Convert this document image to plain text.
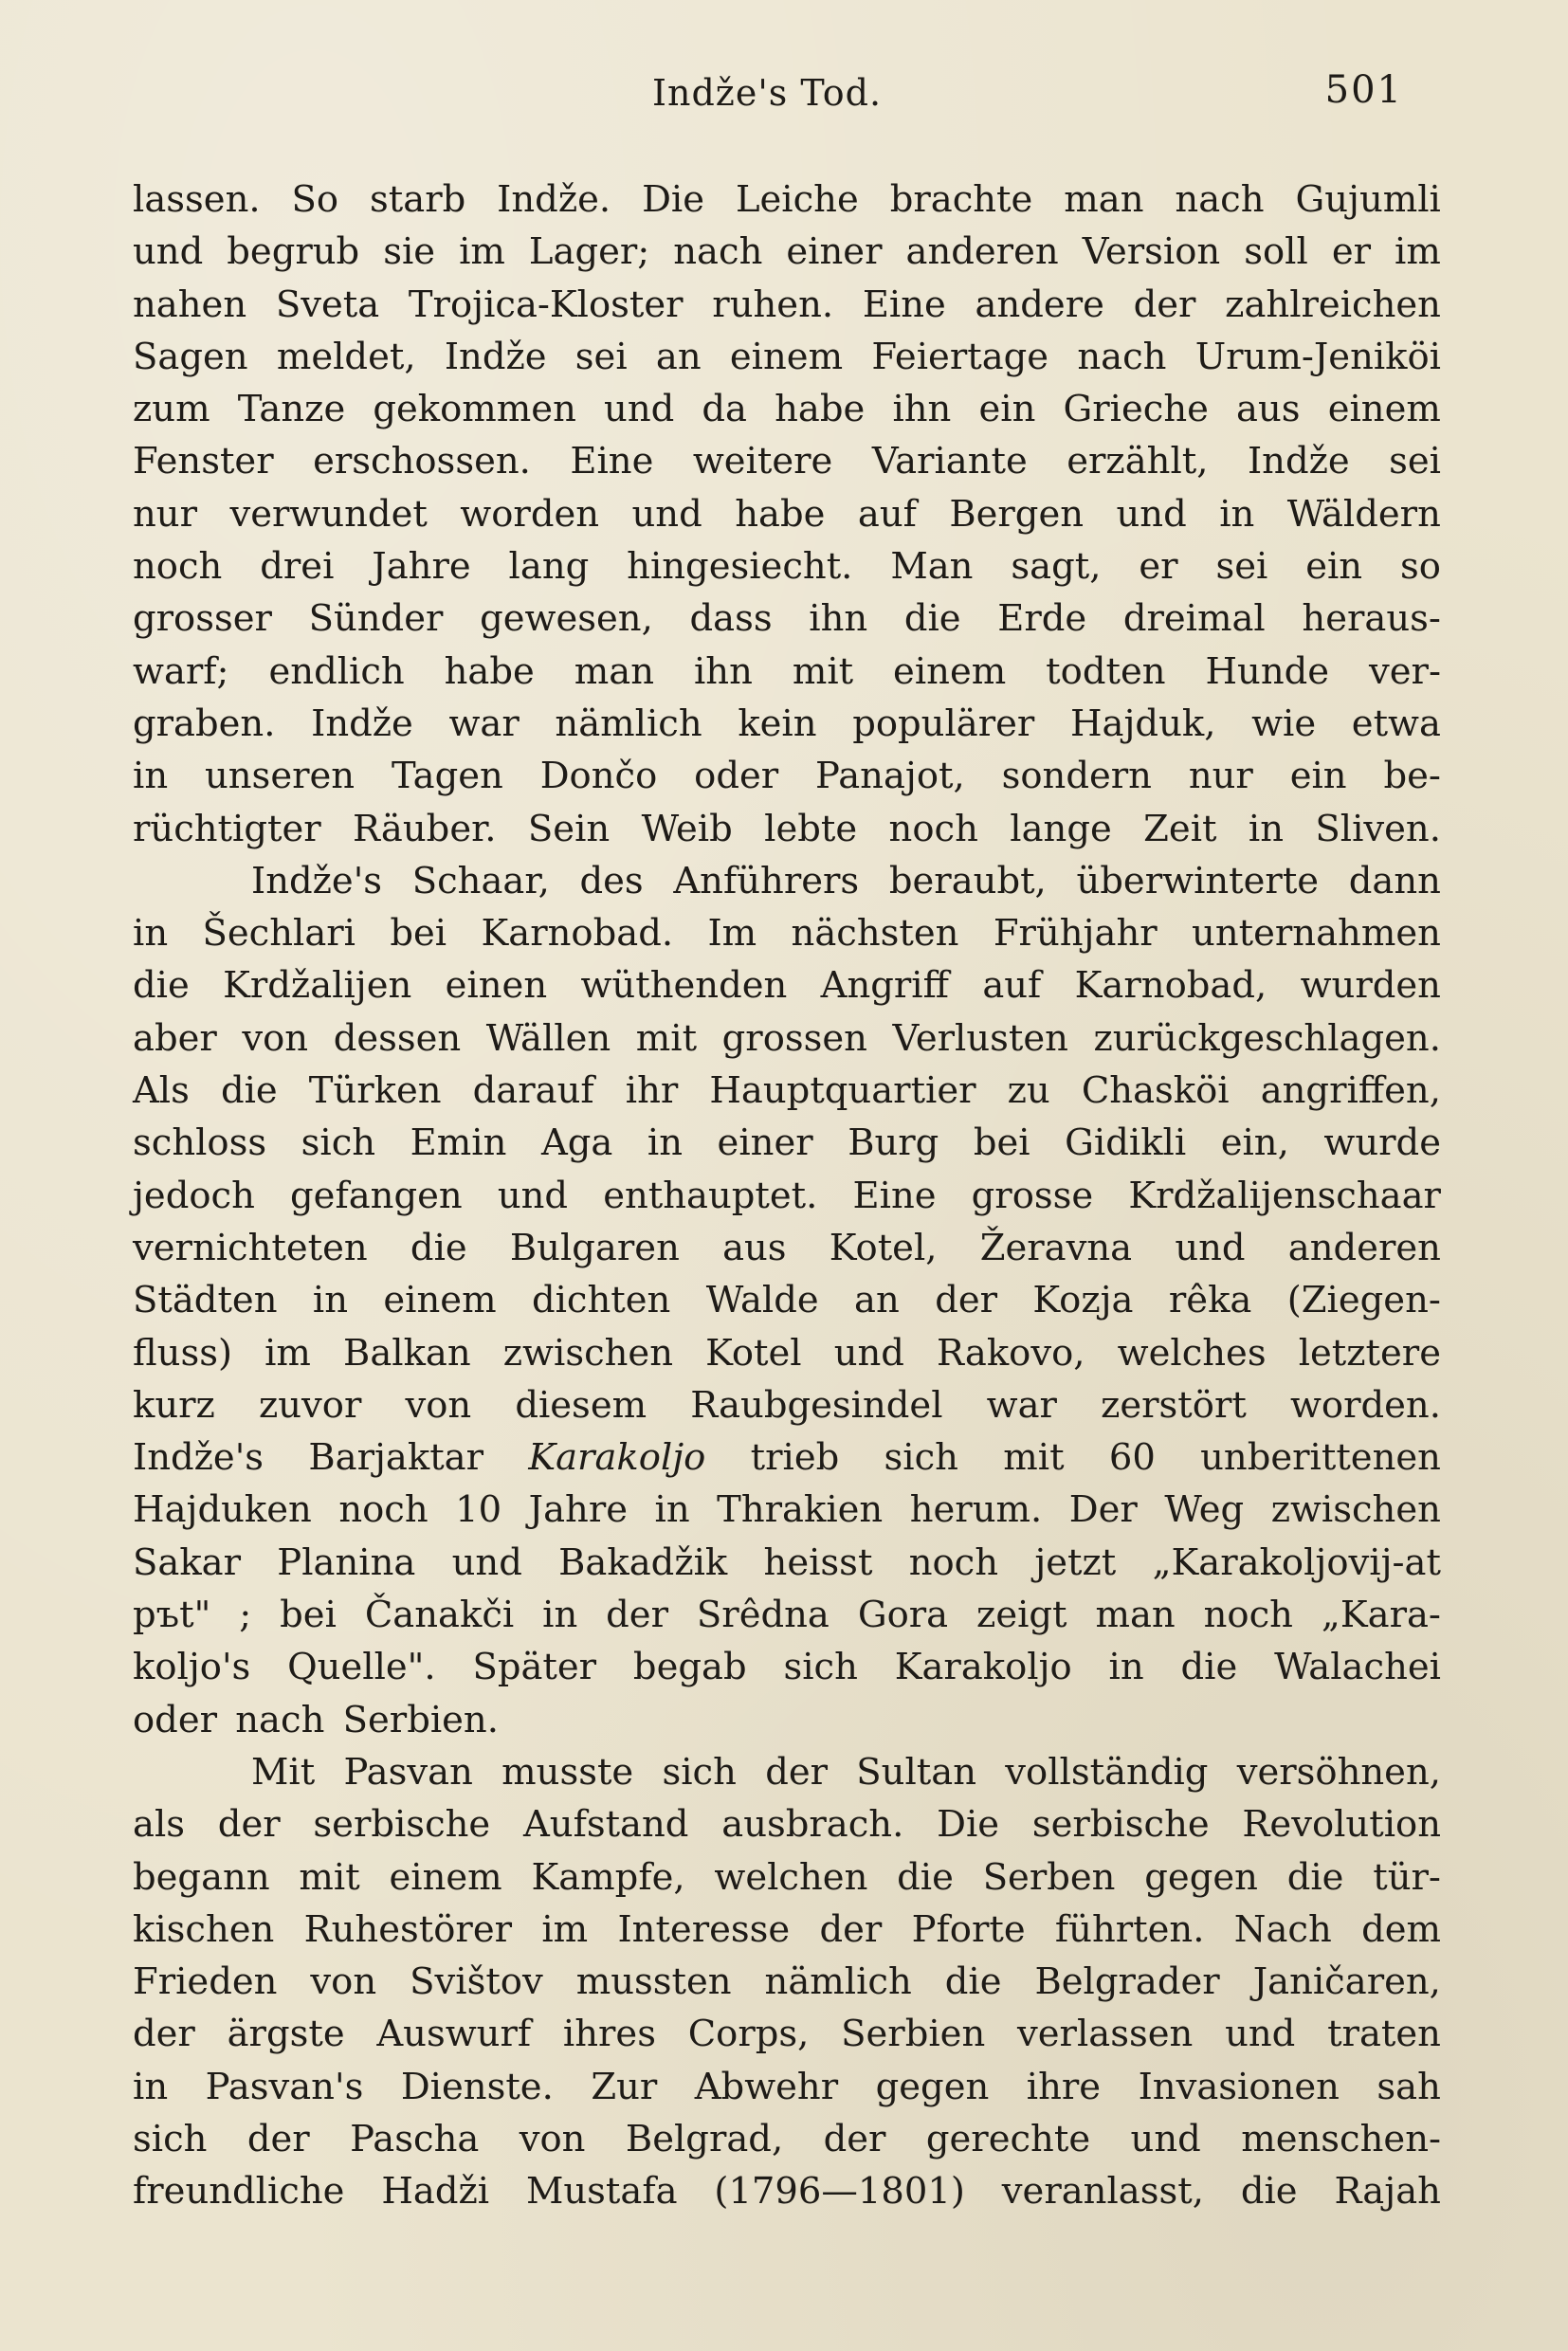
Indže's Tod.	501
lassen. So starb Indže. Die Leiche brachte man nach Gujumli
und begrub sie im Lager; nach einer anderen Version soll er im
nahen Sveta Trojica-Kloster ruhen. Eine andere der zahlreichen
Sagen meldet, Indže sei an einem Feiertage nach Urum-Jeniköi
zum Tanze gekommen und da habe ihn ein Grieche aus einem
Fenster erschossen. Eine weitere Variante erzählt, Indže sei
nur verwundet worden und habe auf Bergen und in Wäldern
noch drei Jahre lang hingesiecht. Man sagt, er sei ein so
grosser Sünder gewesen, dass ihn die Erde dreimal heraus-
warf; endlich habe man ihn mit einem todten Hunde ver-
graben. Indže war nämlich kein populärer Hajduk, wie etwa
in unseren Tagen Dončo oder Panajot, sondern nur ein be-
rüchtigter Räuber. Sein Weib lebte noch lange Zeit in Sliven.
Indže's Schaar, des Anführers beraubt, überwinterte dann
in Šechlari bei Karnobad. Im nächsten Frühjahr unternahmen
die Krdžalijen einen wüthenden Angriff auf Karnobad, wurden
aber von dessen Wällen mit grossen Verlusten zurückgeschlagen.
Als die Türken darauf ihr Hauptquartier zu Chasköi angriffen,
schloss sich Emin Aga in einer Burg bei Gidikli ein, wurde
jedoch gefangen und enthauptet. Eine grosse Krdžalijenschaar
vernichteten die Bulgaren aus Kotel, Žeravna und anderen
Städten in einem dichten Walde an der Kozja rêka (Ziegen-
fluss) im Balkan zwischen Kotel und Rakovo, welches letztere
kurz zuvor von diesem Raubgesindel war zerstört worden.
Indže's Barjaktar Karakoljo trieb sich mit 60 unberittenen
Hajduken noch 10 Jahre in Thrakien herum. Der Weg zwischen
Sakar Planina und Bakadžik heisst noch jetzt „Karakoljovij-at
pъt" ; bei Čanakči in der Srêdna Gora zeigt man noch „Kara-
koljo's Quelle". Später begab sich Karakoljo in die Walachei
oder nach Serbien.
Mit Pasvan musste sich der Sultan vollständig versöhnen,
als der serbische Aufstand ausbrach. Die serbische Revolution
begann mit einem Kampfe, welchen die Serben gegen die tür-
kischen Ruhestörer im Interesse der Pforte führten. Nach dem
Frieden von Svištov mussten nämlich die Belgrader Janičaren,
der ärgste Auswurf ihres Corps, Serbien verlassen und traten
in Pasvan's Dienste. Zur Abwehr gegen ihre Invasionen sah
sich der Pascha von Belgrad, der gerechte und menschen-
freundliche Hadži Mustafa (1796—1801) veranlasst, die Rajah
